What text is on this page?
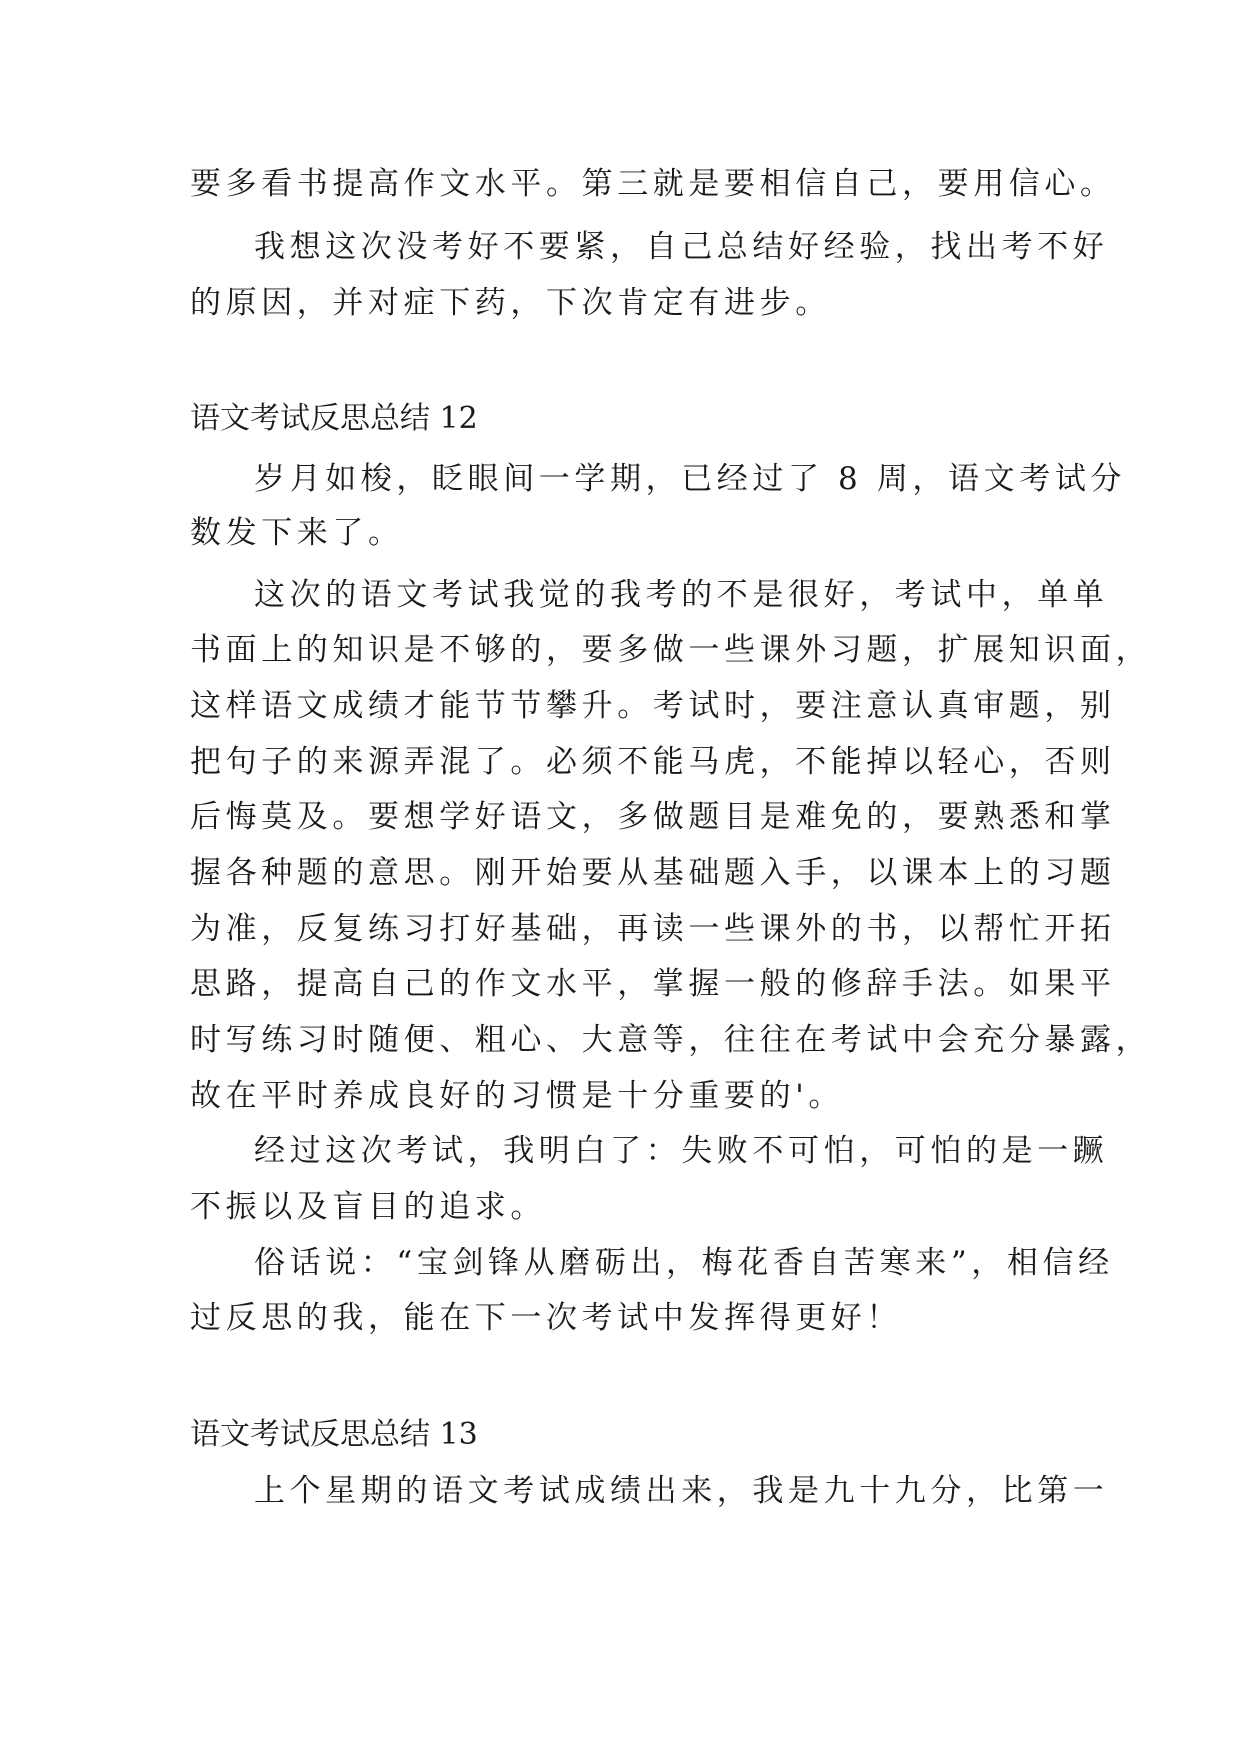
要多看书提高作文水平。第三就是要相信自己，要用信心。
我想这次没考好不要紧，自己总结好经验，找出考不好
的原因，并对症下药，下次肯定有进步。
语文考试反思总结 12
岁月如梭，眨眼间一学期，已经过了 8 周，语文考试分
数发下来了。
这次的语文考试我觉的我考的不是很好，考试中，单单
书面上的知识是不够的，要多做一些课外习题，扩展知识面，
这样语文成绩才能节节攀升。考试时，要注意认真审题，别
把句子的来源弄混了。必须不能马虎，不能掉以轻心，否则
后悔莫及。要想学好语文，多做题目是难免的，要熟悉和掌
握各种题的意思。刚开始要从基础题入手，以课本上的习题
为准，反复练习打好基础，再读一些课外的书，以帮忙开拓
思路，提高自己的作文水平，掌握一般的修辞手法。如果平
时写练习时随便、粗心、大意等，往往在考试中会充分暴露，
故在平时养成良好的习惯是十分重要的'。
经过这次考试，我明白了：失败不可怕，可怕的是一蹶
不振以及盲目的追求。
俗话说：“宝剑锋从磨砺出，梅花香自苦寒来”，相信经
过反思的我，能在下一次考试中发挥得更好！
语文考试反思总结 13
上个星期的语文考试成绩出来，我是九十九分，比第一
